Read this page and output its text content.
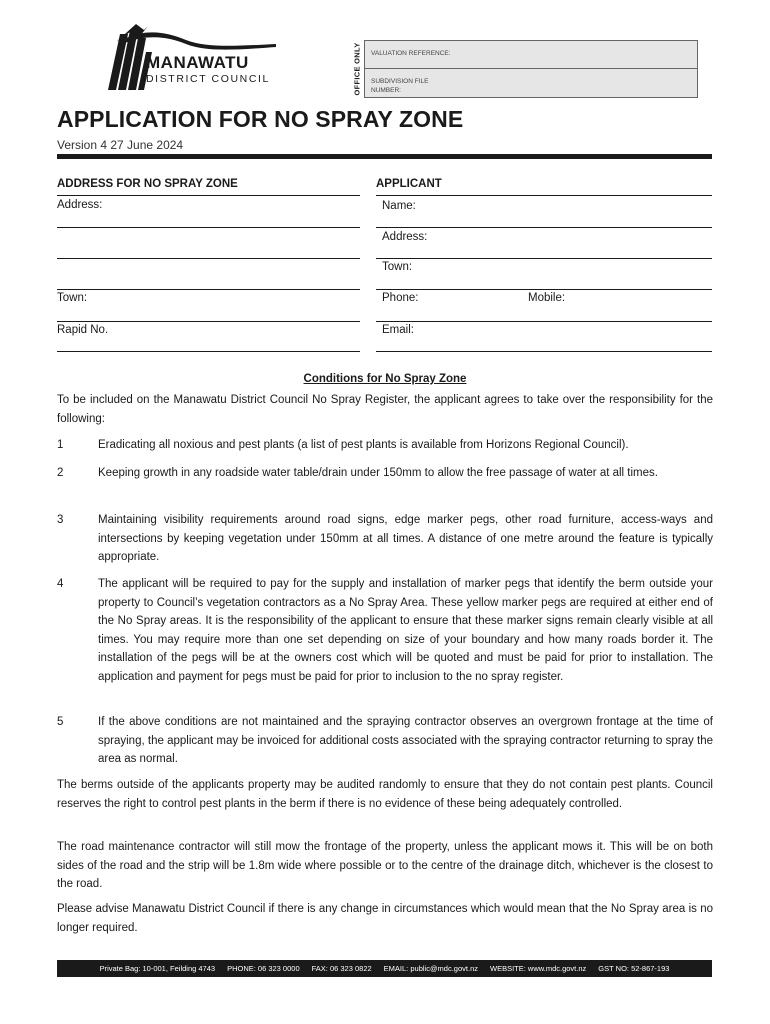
MANAWATU
DISTRICT COUNCIL	OFFICE ONLY	VALUATION REFERENCE:
SUBDIVISION FILE
NUMBER:
APPLICATION FOR NO SPRAY ZONE
Version 4 27 June 2024
ADDRESS FOR NO SPRAY ZONE
Address:
Town:
Rapid No.
APPLICANT
Name:
Address:
Town:
Phone:	Mobile:
Email:
Conditions for No Spray Zone
To be included on the Manawatu District Council No Spray Register, the applicant agrees to take over the responsibility for the following:
1	Eradicating all noxious and pest plants (a list of pest plants is available from Horizons Regional Council).
2	Keeping growth in any roadside water table/drain under 150mm to allow the free passage of water at all times.
3	Maintaining visibility requirements around road signs, edge marker pegs, other road furniture, access-ways and intersections by keeping vegetation under 150mm at all times. A distance of one metre around the feature is typically appropriate.
4	The applicant will be required to pay for the supply and installation of marker pegs that identify the berm outside your property to Council’s vegetation contractors as a No Spray Area. These yellow marker pegs are required at either end of the No Spray areas. It is the responsibility of the applicant to ensure that these marker signs remain clearly visible at all times. You may require more than one set depending on size of your boundary and how many roads border it. The installation of the pegs will be at the owners cost which will be quoted and must be paid for prior to installation. The application and payment for pegs must be paid for prior to inclusion to the no spray register.
5	If the above conditions are not maintained and the spraying contractor observes an overgrown frontage at the time of spraying, the applicant may be invoiced for additional costs associated with the spraying contractor returning to spray the area as normal.
The berms outside of the applicants property may be audited randomly to ensure that they do not contain pest plants. Council reserves the right to control pest plants in the berm if there is no evidence of these being adequately controlled.
The road maintenance contractor will still mow the frontage of the property, unless the applicant mows it. This will be on both sides of the road and the strip will be 1.8m wide where possible or to the centre of the drainage ditch, whichever is the closest to the road.
Please advise Manawatu District Council if there is any change in circumstances which would mean that the No Spray area is no longer required.
Private Bag: 10-001, Feilding 4743 PHONE: 06 323 0000 FAX: 06 323 0822 EMAIL: public@mdc.govt.nz WEBSITE: www.mdc.govt.nz GST NO: 52-867-193
